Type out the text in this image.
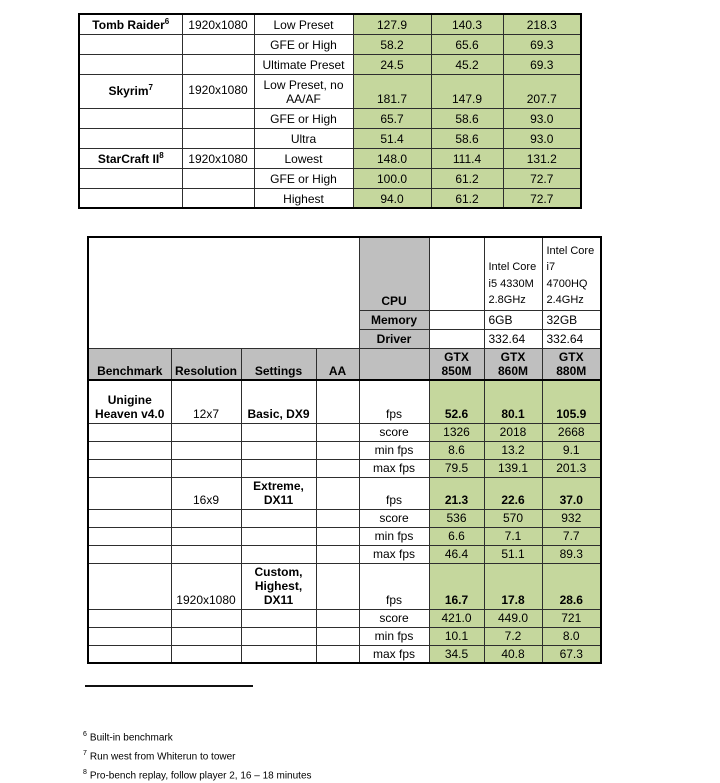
Tomb Raider$^6$	1920x1080	Low Preset	127.9	140.3	218.3
		GFE or High	58.2	65.6	69.3
		Ultimate Preset	24.5	45.2	69.3
Skyrim$^7$	1920x1080	Low Preset, no AA/AF	181.7	147.9	207.7
		GFE or High	65.7	58.6	93.0
		Ultra	51.4	58.6	93.0
StarCraft $II^8$	1920x1080	Lowest	148.0	111.4	131.2
		GFE or High	100.0	61.2	72.7
		Highest	94.0	61.2	72.7
				CPU		Intel Core i5 4330M 2.8GHz	Intel Core i7 4700HQ 2.4GHz
				Memory		6GB	32GB
				Driver		332.64	332.64
Benchmark	Resolution	Settings	AA		GTX 850M	GTX 860M	GTX 880M
Unigine Heaven v4.0	12x7	Basic, DX9		fps	52.6	80.1	105.9
				score	1326	2018	2668
				min fps	8.6	13.2	9.1
				max fps	79.5	139.1	201.3
	16x9	Extreme, DX11		fps	21.3	22.6	37.0
				score	536	570	932
				min fps	6.6	7.1	7.7
				max fps	46.4	51.1	89.3
	1920x1080	Custom, Highest, DX11		fps	16.7	17.8	28.6
				score	421.0	449.0	721
				min fps	10.1	7.2	8.0
				max fps	34.5	40.8	67.3
$^6$ Built-in benchmark
$^7$ Run west from Whiterun to tower
$^8$ Pro-bench replay, follow player 2, 16 – 18 minutes
